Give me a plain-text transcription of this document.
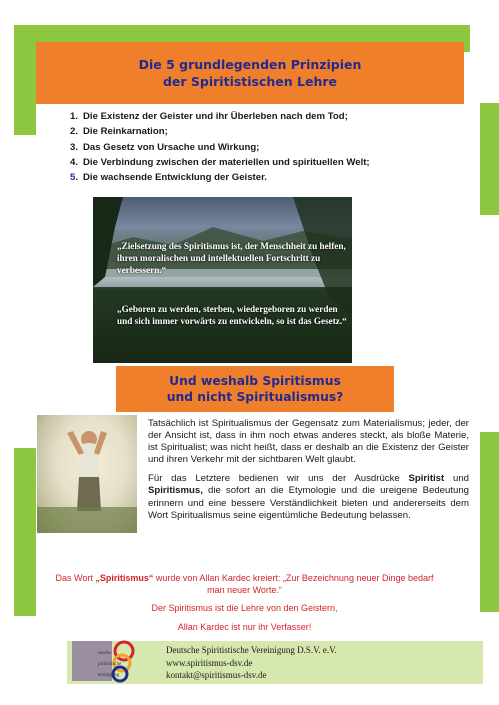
Die 5 grundlegenden Prinzipien
der Spiritistischen Lehre
1. Die Existenz der Geister und ihr Überleben nach dem Tod;
2. Die Reinkarnation;
3. Das Gesetz von Ursache und Wirkung;
4. Die Verbindung zwischen der materiellen und spirituellen Welt;
5. Die wachsende Entwicklung der Geister.
„Zielsetzung des Spiritismus ist, der Menschheit zu helfen, ihren moralischen und intellektuellen Fortschritt zu verbessern.“
„Geboren zu werden, sterben, wiedergeboren zu werden und sich immer vorwärts zu entwickeln, so ist das Gesetz.“
Und weshalb Spiritismus
und nicht Spiritualismus?

Tatsächlich ist Spiritualismus der Gegensatz zum Materialismus; jeder, der der Ansicht ist, dass in ihm noch etwas anderes steckt, als bloße Materie, ist Spiritualist; was nicht heißt, dass er deshalb an die Existenz der Geister und ihren Verkehr mit der sichtbaren Welt glaubt.

Für das Letztere bedienen wir uns der Ausdrücke Spiritist und Spiritismus, die sofort an die Etymologie und die ureigene Bedeutung erinnern und eine bessere Verständlichkeit bieten und andererseits dem Wort Spiritualismus seine eigentümliche Bedeutung belassen.

Das Wort „Spiritismus“ wurde von Allan Kardec kreiert: „Zur Bezeichnung neuer Dinge bedarf man neuer Worte.“

Der Spiritismus ist die Lehre von den Geistern,

Allan Kardec ist nur ihr Verfasser!

utsche
piritistische
ereinigung
Deutsche Spiritistische Vereinigung D.S.V. e.V.
www.spiritismus-dsv.de
kontakt@spiritismus-dsv.de
